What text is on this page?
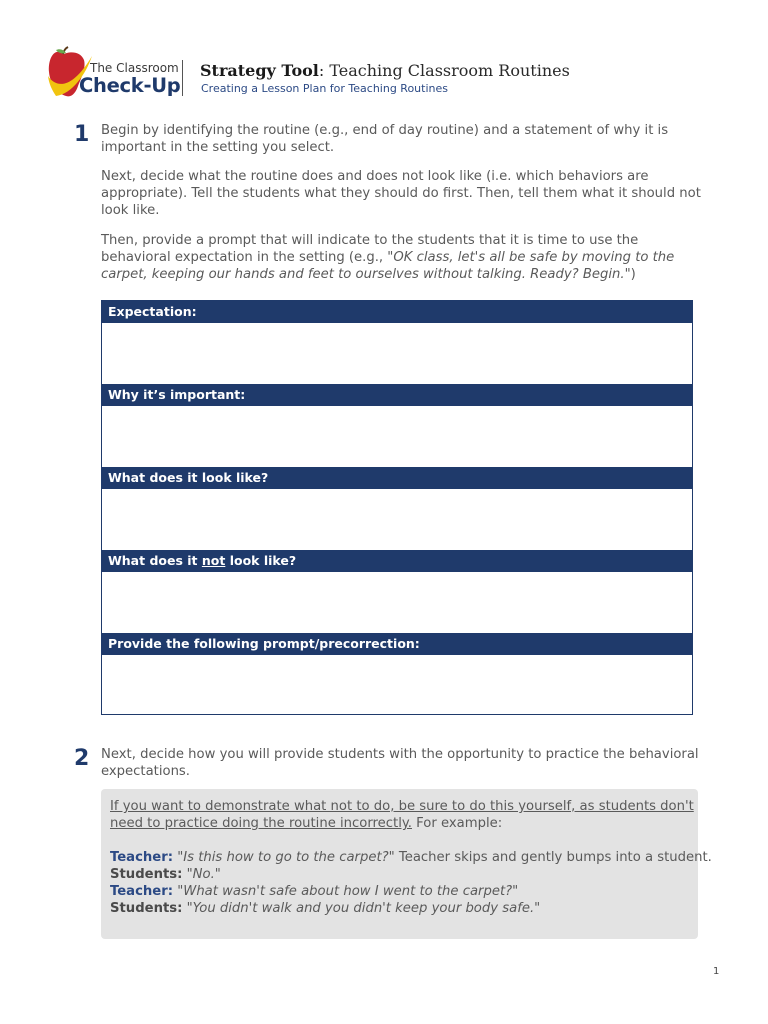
The Classroom
Check-Up
Strategy Tool: Teaching Classroom Routines
Creating a Lesson Plan for Teaching Routines
1 Begin by identifying the routine (e.g., end of day routine) and a statement of why it is important in the setting you select.
Next, decide what the routine does and does not look like (i.e. which behaviors are appropriate). Tell the students what they should do first. Then, tell them what it should not look like.
Then, provide a prompt that will indicate to the students that it is time to use the behavioral expectation in the setting (e.g., "OK class, let's all be safe by moving to the carpet, keeping our hands and feet to ourselves without talking. Ready? Begin.")
Expectation:
Why it’s important:
What does it look like?
What does it not look like?
Provide the following prompt/precorrection:
2 Next, decide how you will provide students with the opportunity to practice the behavioral expectations.
If you want to demonstrate what not to do, be sure to do this yourself, as students don't
need to practice doing the routine incorrectly. For example:
Teacher: "Is this how to go to the carpet?" Teacher skips and gently bumps into a student.
Students: "No."
Teacher: "What wasn't safe about how I went to the carpet?"
Students: "You didn't walk and you didn't keep your body safe."
1
